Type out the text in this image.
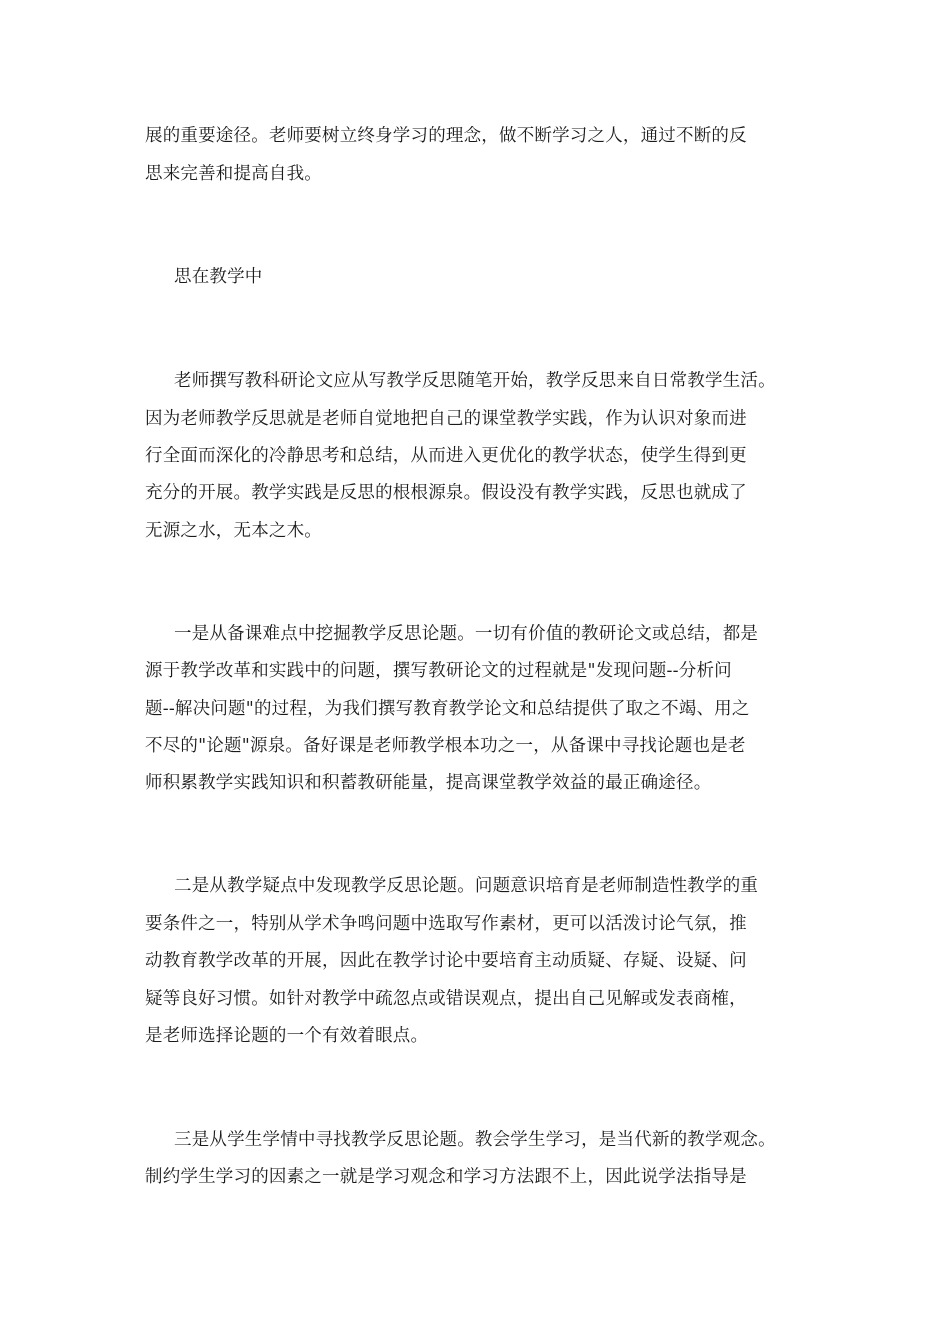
展的重要途径。老师要树立终身学习的理念，做不断学习之人，通过不断的反
思来完善和提高自我。
思在教学中
老师撰写教科研论文应从写教学反思随笔开始，教学反思来自日常教学生活。
因为老师教学反思就是老师自觉地把自己的课堂教学实践，作为认识对象而进
行全面而深化的冷静思考和总结，从而进入更优化的教学状态，使学生得到更
充分的开展。教学实践是反思的根根源泉。假设没有教学实践，反思也就成了
无源之水，无本之木。
一是从备课难点中挖掘教学反思论题。一切有价值的教研论文或总结，都是
源于教学改革和实践中的问题，撰写教研论文的过程就是"发现问题--分析问
题--解决问题"的过程，为我们撰写教育教学论文和总结提供了取之不竭、用之
不尽的"论题"源泉。备好课是老师教学根本功之一，从备课中寻找论题也是老
师积累教学实践知识和积蓄教研能量，提高课堂教学效益的最正确途径。
二是从教学疑点中发现教学反思论题。问题意识培育是老师制造性教学的重
要条件之一，特别从学术争鸣问题中选取写作素材，更可以活泼讨论气氛，推
动教育教学改革的开展，因此在教学讨论中要培育主动质疑、存疑、设疑、问
疑等良好习惯。如针对教学中疏忽点或错误观点，提出自己见解或发表商榷，
是老师选择论题的一个有效着眼点。
三是从学生学情中寻找教学反思论题。教会学生学习，是当代新的教学观念。
制约学生学习的因素之一就是学习观念和学习方法跟不上，因此说学法指导是
